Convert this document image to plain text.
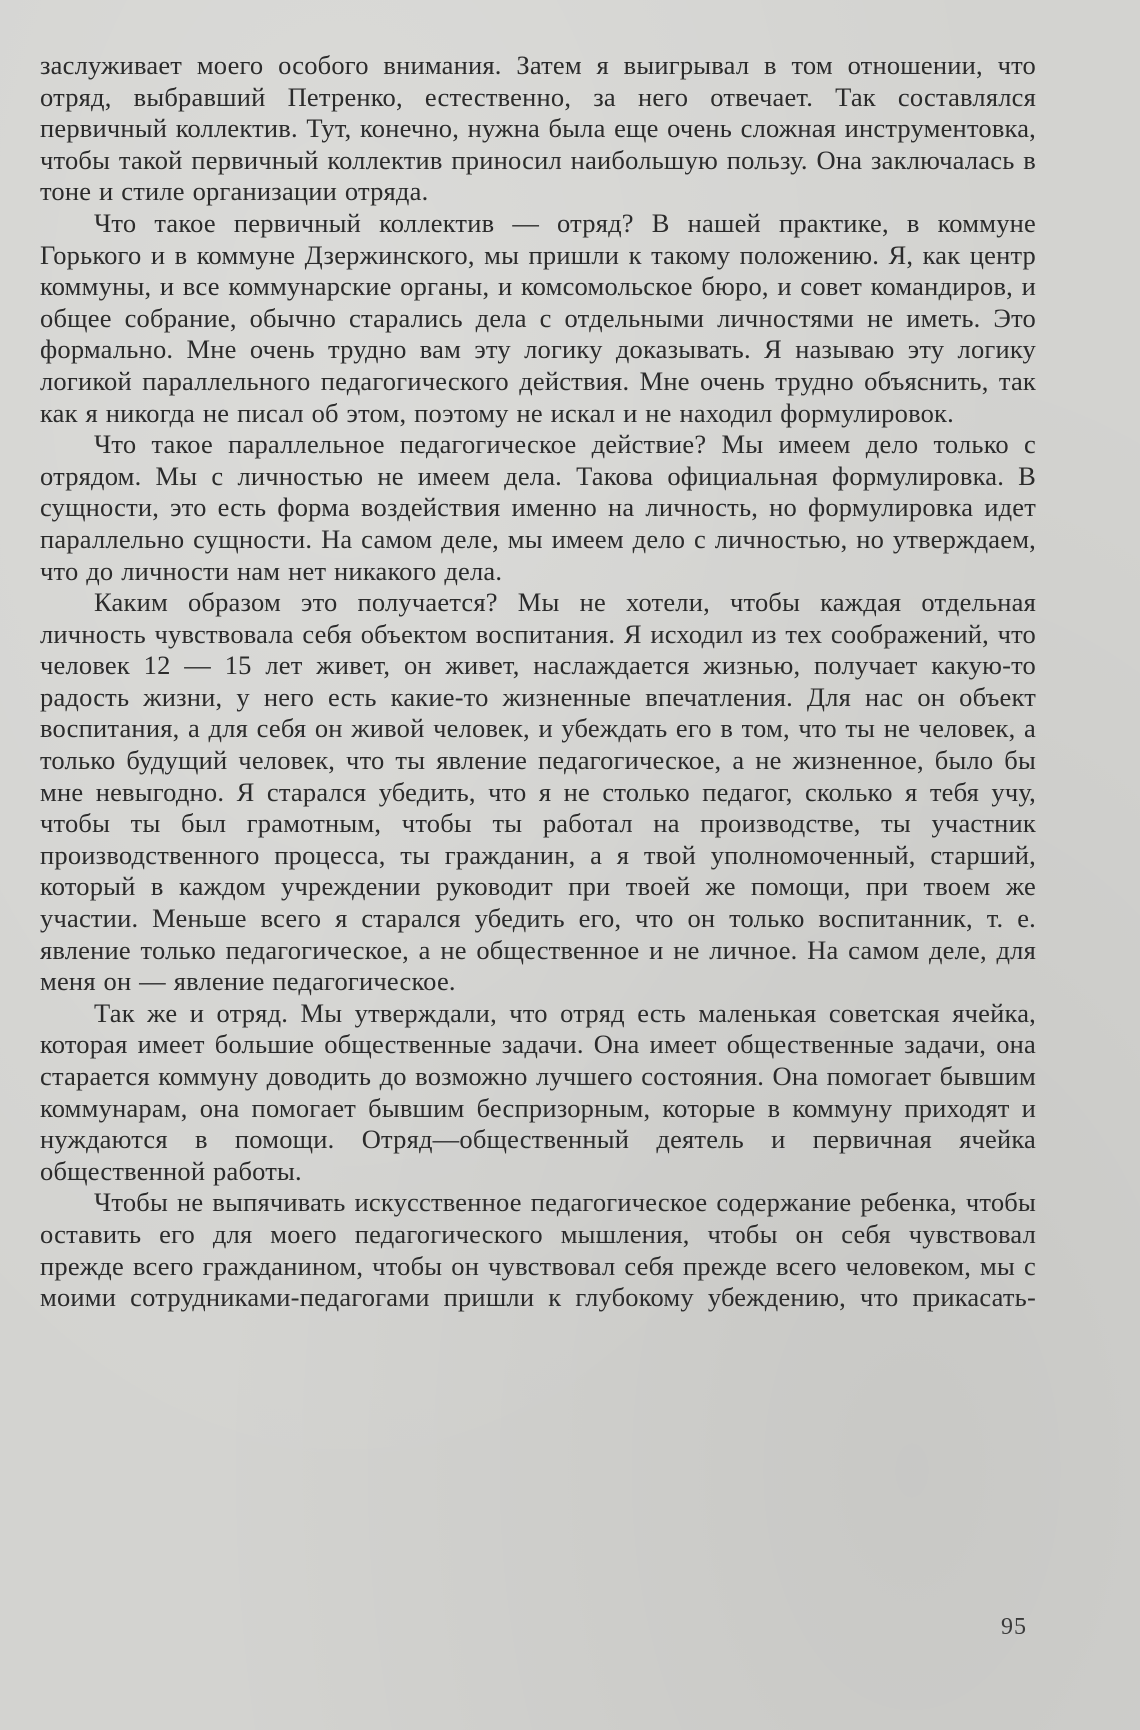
заслуживает моего особого внимания. Затем я выигрывал в том отношении, что отряд, выбравший Петренко, естественно, за него отвечает. Так составлялся первичный коллектив. Тут, конечно, нужна была еще очень сложная инструментовка, чтобы такой первичный коллектив приносил наибольшую пользу. Она заключалась в тоне и стиле организации отряда.

Что такое первичный коллектив — отряд? В нашей практике, в коммуне Горького и в коммуне Дзержинского, мы пришли к такому положению. Я, как центр коммуны, и все коммунарские органы, и комсомольское бюро, и совет командиров, и общее собрание, обычно старались дела с отдельными личностями не иметь. Это формально. Мне очень трудно вам эту логику доказывать. Я называю эту логику логикой параллельного педагогического действия. Мне очень трудно объяснить, так как я никогда не писал об этом, поэтому не искал и не находил формулировок.

Что такое параллельное педагогическое действие? Мы имеем дело только с отрядом. Мы с личностью не имеем дела. Такова официальная формулировка. В сущности, это есть форма воздействия именно на личность, но формулировка идет параллельно сущности. На самом деле, мы имеем дело с личностью, но утверждаем, что до личности нам нет никакого дела.

Каким образом это получается? Мы не хотели, чтобы каждая отдельная личность чувствовала себя объектом воспитания. Я исходил из тех соображений, что человек 12 — 15 лет живет, он живет, наслаждается жизнью, получает какую-то радость жизни, у него есть какие-то жизненные впечатления. Для нас он объект воспитания, а для себя он живой человек, и убеждать его в том, что ты не человек, а только будущий человек, что ты явление педагогическое, а не жизненное, было бы мне невыгодно. Я старался убедить, что я не столько педагог, сколько я тебя учу, чтобы ты был грамотным, чтобы ты работал на производстве, ты участник производственного процесса, ты гражданин, а я твой уполномоченный, старший, который в каждом учреждении руководит при твоей же помощи, при твоем же участии. Меньше всего я старался убедить его, что он только воспитанник, т. е. явление только педагогическое, а не общественное и не личное. На самом деле, для меня он — явление педагогическое.

Так же и отряд. Мы утверждали, что отряд есть маленькая советская ячейка, которая имеет большие общественные задачи. Она имеет общественные задачи, она старается коммуну доводить до возможно лучшего состояния. Она помогает бывшим коммунарам, она помогает бывшим беспризорным, которые в коммуну приходят и нуждаются в помощи. Отряд—общественный деятель и первичная ячейка общественной работы.

Чтобы не выпячивать искусственное педагогическое содержание ребенка, чтобы оставить его для моего педагогического мышления, чтобы он себя чувствовал прежде всего гражданином, чтобы он чувствовал себя прежде всего человеком, мы с моими сотрудниками-педагогами пришли к глубокому убеждению, что прикасать-

95
